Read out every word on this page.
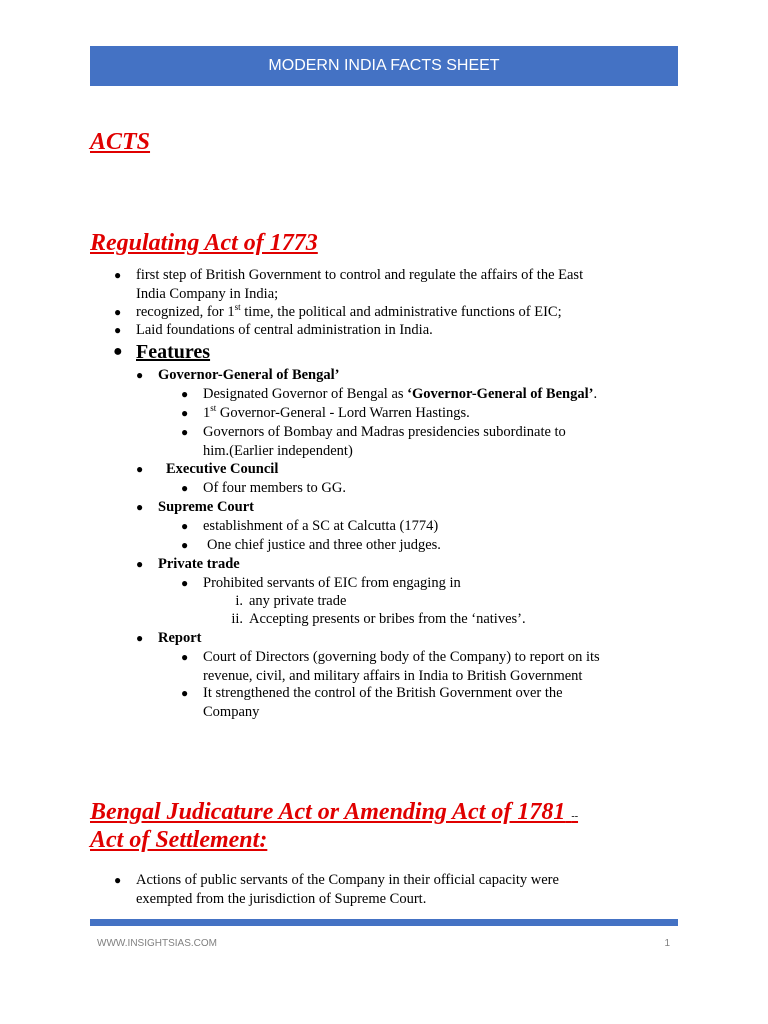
MODERN INDIA FACTS SHEET
ACTS
Regulating Act of 1773
● first step of British Government to control and regulate the affairs of the East
India Company in India;
● recognized, for 1st time, the political and administrative functions of EIC;
● Laid foundations of central administration in India.
● Features
● Governor-General of Bengal’
● Designated Governor of Bengal as ‘Governor-General of Bengal’.
● 1st Governor-General - Lord Warren Hastings.
● Governors of Bombay and Madras presidencies subordinate to
him.(Earlier independent)
● Executive Council
● Of four members to GG.
● Supreme Court
● establishment of a SC at Calcutta (1774)
● One chief justice and three other judges.
● Private trade
● Prohibited servants of EIC from engaging in
i. any private trade
ii. Accepting presents or bribes from the ‘natives’.
● Report
● Court of Directors (governing body of the Company) to report on its
revenue, civil, and military affairs in India to British Government
● It strengthened the control of the British Government over the
Company
Bengal Judicature Act or Amending Act of 1781 --
Act of Settlement:
● Actions of public servants of the Company in their official capacity were
exempted from the jurisdiction of Supreme Court.
WWW.INSIGHTSIAS.COM	1
